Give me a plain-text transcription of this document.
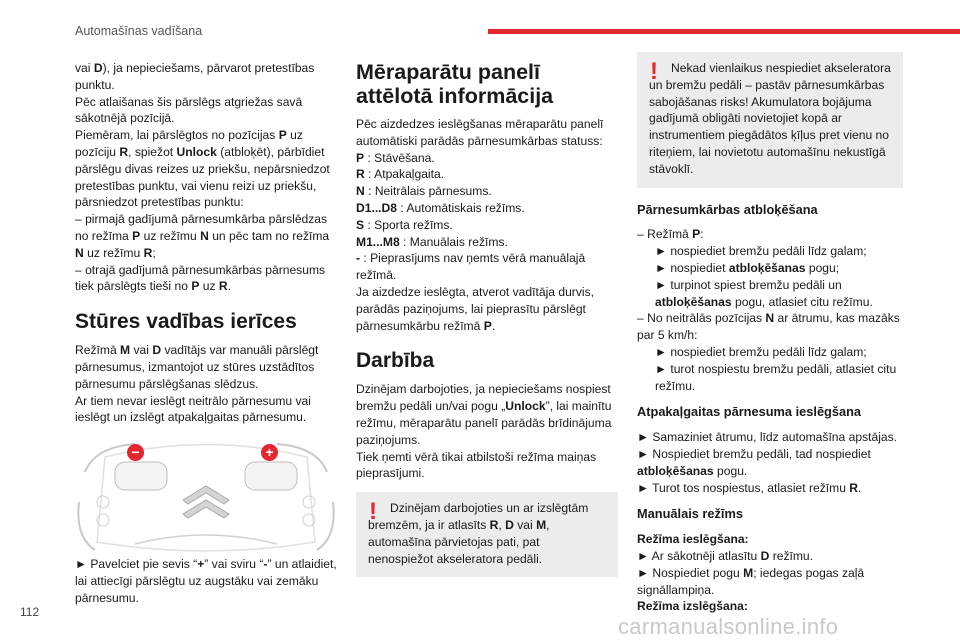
Automašīnas vadīšana

vai D), ja nepieciešams, pārvarot pretestības punktu.

Pēc atlaišanas šis pārslēgs atgriežas savā sākotnējā pozīcijā.

Piemēram, lai pārslēgtos no pozīcijas P uz pozīciju R, spiežot Unlock (atbloķēt), pārbīdiet pārslēgu divas reizes uz priekšu, nepārsniedzot pretestības punktu, vai vienu reizi uz priekšu, pārsniedzot pretestības punktu:

– pirmajā gadījumā pārnesumkārba pārslēdzas no režīma P uz režīmu N un pēc tam no režīma N uz režīmu R;

– otrajā gadījumā pārnesumkārbas pārnesums tiek pārslēgts tieši no P uz R.

Stūres vadības ierīces

Režīmā M vai D vadītājs var manuāli pārslēgt pārnesumus, izmantojot uz stūres uzstādītos pārnesumu pārslēgšanas slēdzus.

Ar tiem nevar ieslēgt neitrālo pārnesumu vai ieslēgt un izslēgt atpakaļgaitas pārnesumu.

−	+

► Pavelciet pie sevis “+” vai sviru “-” un atlaidiet, lai attiecīgi pārslēgtu uz augstāku vai zemāku pārnesumu.

Mēraparātu panelī attēlotā informācija

Pēc aizdedzes ieslēgšanas mēraparātu panelī automātiski parādās pārnesumkārbas statuss:

P : Stāvēšana.

R : Atpakaļgaita.

N : Neitrālais pārnesums.

D1...D8 : Automātiskais režīms.

S : Sporta režīms.

M1...M8 : Manuālais režīms.

- : Pieprasījums nav ņemts vērā manuālajā režīmā.

Ja aizdedze ieslēgta, atverot vadītāja durvis, parādās paziņojums, lai pieprasītu pārslēgt pārnesumkārbu režīmā P.

Darbība

Dzinējam darbojoties, ja nepieciešams nospiest bremžu pedāli un/vai pogu „Unlock”, lai mainītu režīmu, mēraparātu panelī parādās brīdinājuma paziņojums.

Tiek ņemti vērā tikai atbilstoši režīma maiņas pieprasījumi.

!	Dzinējam darbojoties un ar izslēgtām bremzēm, ja ir atlasīts R, D vai M, automašīna pārvietojas pati, pat nenospiežot akseleratora pedāli.

!	Nekad vienlaikus nespiediet akseleratora un bremžu pedāli – pastāv pārnesumkārbas sabojāšanas risks! Akumulatora bojājuma gadījumā obligāti novietojiet kopā ar instrumentiem piegādātos ķīļus pret vienu no riteņiem, lai novietotu automašīnu nekustīgā stāvoklī.

Pārnesumkārbas atbloķēšana

– Režīmā P:

► nospiediet bremžu pedāli līdz galam;

► nospiediet atbloķēšanas pogu;

► turpinot spiest bremžu pedāli un atbloķēšanas pogu, atlasiet citu režīmu.

– No neitrālās pozīcijas N ar ātrumu, kas mazāks par 5 km/h:

► nospiediet bremžu pedāli līdz galam;

► turot nospiestu bremžu pedāli, atlasiet citu režīmu.

Atpakaļgaitas pārnesuma ieslēgšana

► Samaziniet ātrumu, līdz automašīna apstājas.

► Nospiediet bremžu pedāli, tad nospiediet atbloķēšanas pogu.

► Turot tos nospiestus, atlasiet režīmu R.

Manuālais režīms

Režīma ieslēgšana:

► Ar sākotnēji atlasītu D režīmu.

► Nospiediet pogu M; iedegas pogas zaļā signāllampiņa.

Režīma izslēgšana:

112
carmanualsonline.info
